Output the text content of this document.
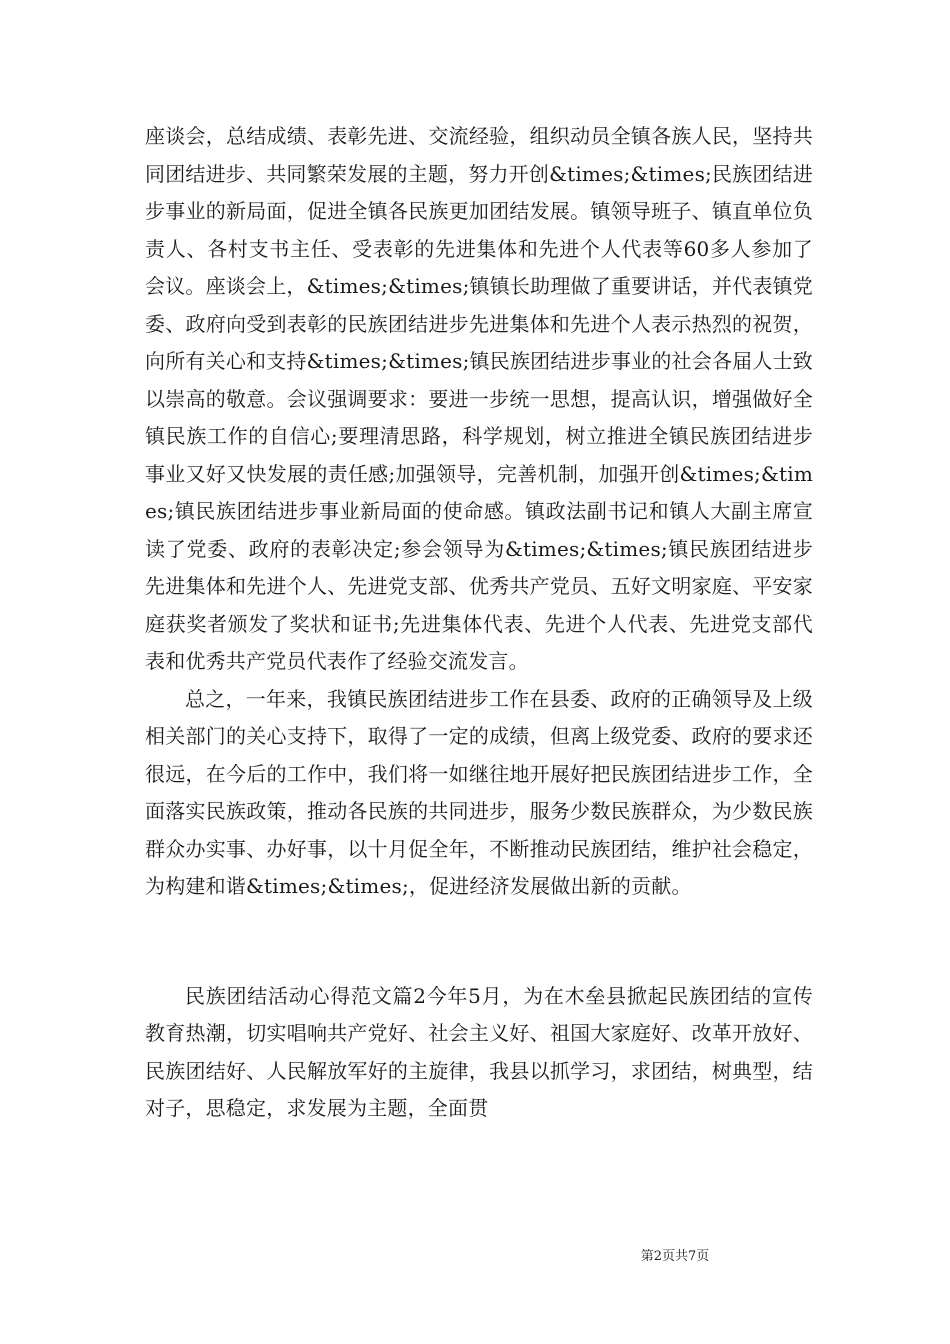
座谈会，总结成绩、表彰先进、交流经验，组织动员全镇各族人民，坚持共同团结进步、共同繁荣发展的主题，努力开创&times;&times;民族团结进步事业的新局面，促进全镇各民族更加团结发展。镇领导班子、镇直单位负责人、各村支书主任、受表彰的先进集体和先进个人代表等60多人参加了会议。座谈会上，&times;&times;镇镇长助理做了重要讲话，并代表镇党委、政府向受到表彰的民族团结进步先进集体和先进个人表示热烈的祝贺，向所有关心和支持&times;&times;镇民族团结进步事业的社会各届人士致以崇高的敬意。会议强调要求：要进一步统一思想，提高认识，增强做好全镇民族工作的自信心;要理清思路，科学规划，树立推进全镇民族团结进步事业又好又快发展的责任感;加强领导，完善机制，加强开创&times;&times;镇民族团结进步事业新局面的使命感。镇政法副书记和镇人大副主席宣读了党委、政府的表彰决定;参会领导为&times;&times;镇民族团结进步先进集体和先进个人、先进党支部、优秀共产党员、五好文明家庭、平安家庭获奖者颁发了奖状和证书;先进集体代表、先进个人代表、先进党支部代表和优秀共产党员代表作了经验交流发言。

总之，一年来，我镇民族团结进步工作在县委、政府的正确领导及上级相关部门的关心支持下，取得了一定的成绩，但离上级党委、政府的要求还很远，在今后的工作中，我们将一如继往地开展好把民族团结进步工作，全面落实民族政策，推动各民族的共同进步，服务少数民族群众，为少数民族群众办实事、办好事，以十月促全年，不断推动民族团结，维护社会稳定，为构建和谐&times;&times;，促进经济发展做出新的贡献。

民族团结活动心得范文篇2今年5月，为在木垒县掀起民族团结的宣传教育热潮，切实唱响共产党好、社会主义好、祖国大家庭好、改革开放好、民族团结好、人民解放军好的主旋律，我县以抓学习，求团结，树典型，结对子，思稳定，求发展为主题，全面贯

第2页共7页
